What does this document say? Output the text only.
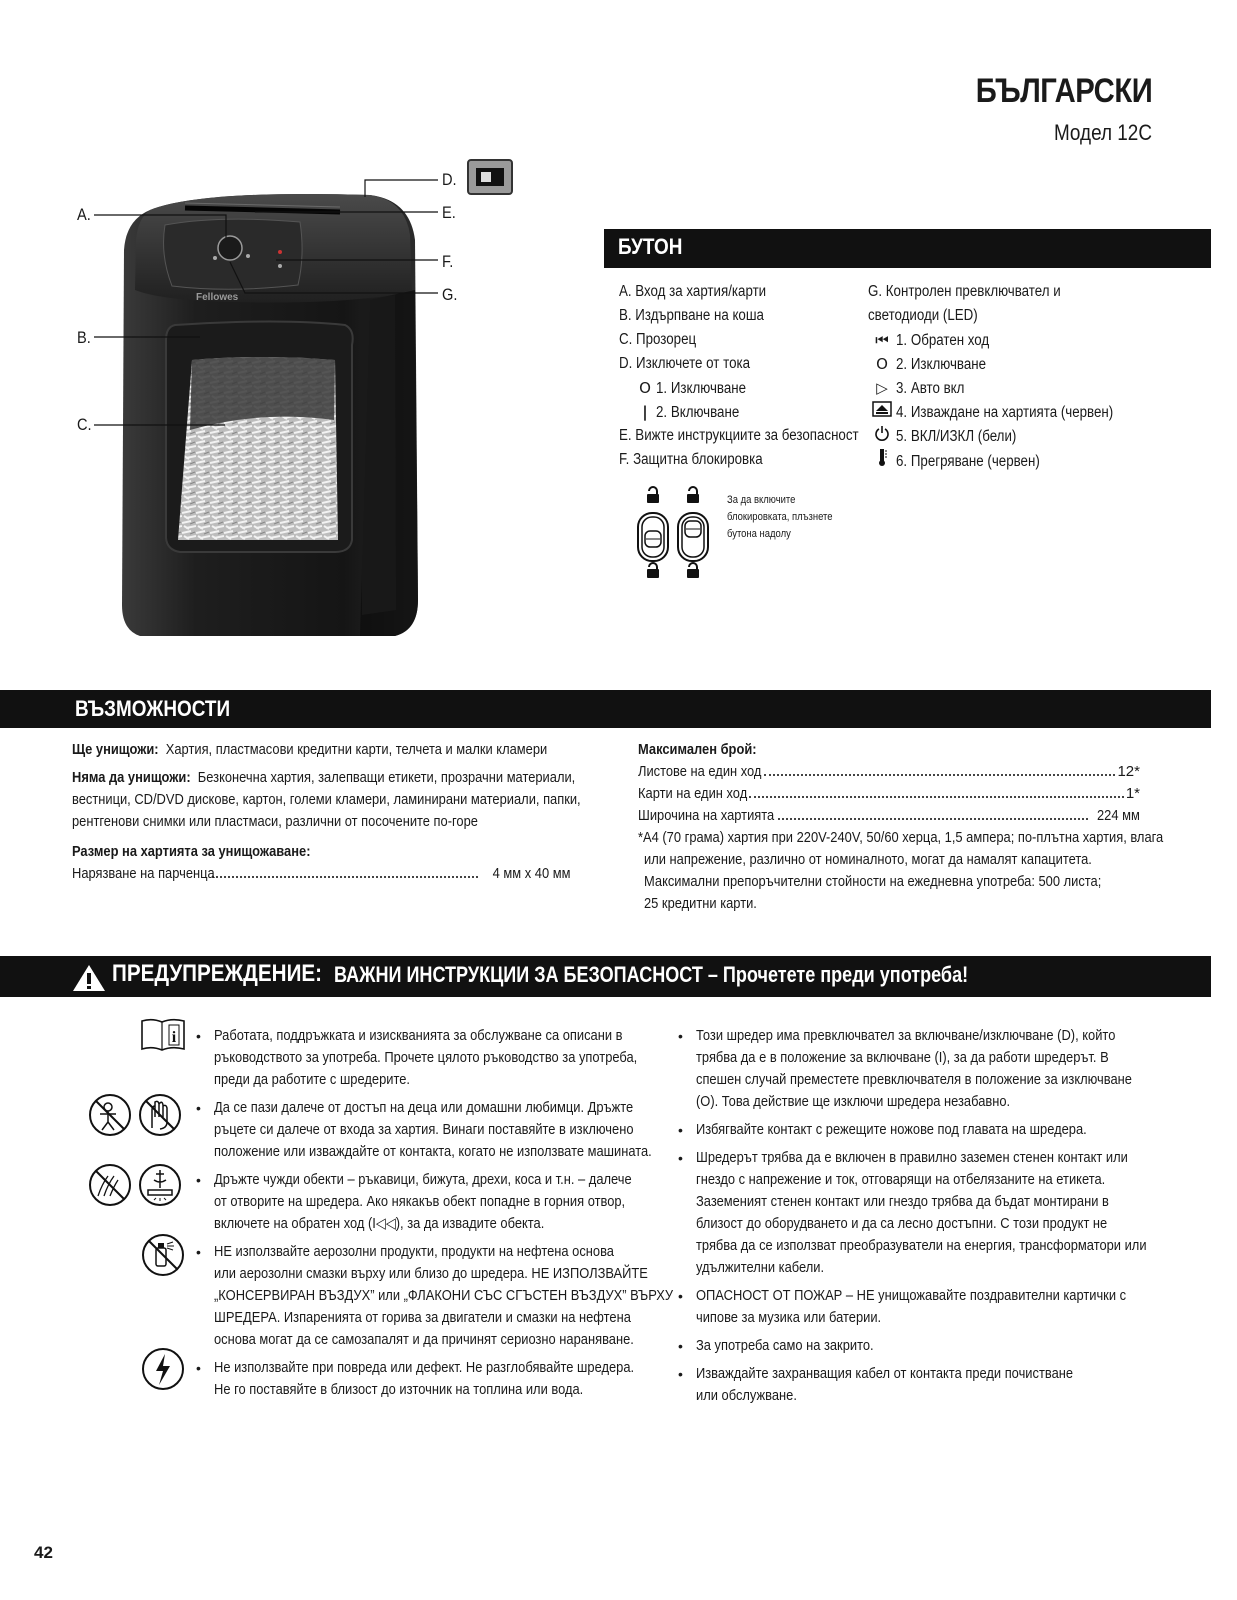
БЪЛГАРСКИ
Модел 12C
Fellowes
A.
B.
C.
D.
E.
F.
G.
БУТОН
A. Вход за хартия/карти
B. Издърпване на коша
C. Прозорец
D. Изключете от тока
O 1. Изключване
| 2. Включване
E. Вижте инструкциите за безопасност
F. Защитна блокировка
G. Контролен превключвател и
светодиоди (LED)
⏮ 1. Обратен ход
O 2. Изключване
▷ 3. Авто вкл
4. Изваждане на хартията (червен)
5. ВКЛ/ИЗКЛ (бели)
6. Прегряване (червен)
За да включите
блокировката, плъзнете
бутона надолу
ВЪЗМОЖНОСТИ

Ще унищожи: Хартия, пластмасови кредитни карти, телчета и малки кламери

Няма да унищожи: Безконечна хартия, залепващи етикети, прозрачни материали,

вестници, CD/DVD дискове, картон, големи кламери, ламинирани материали, папки,

рентгенови снимки или пластмаси, различни от посочените по-горе

Размер на хартията за унищожаване:

Нарязване на парченца	4 мм x 40 мм

Максимален брой:

Листове на един ход	12*
Карти на един ход	1*
Широчина на хартията	224 мм

*A4 (70 грама) хартия при 220V-240V, 50/60 херца, 1,5 ампера; по-плътна хартия, влага

или напрежение, различно от номиналното, могат да намалят капацитета.

Максимални препоръчителни стойности на ежедневна употреба: 500 листа;

25 кредитни карти.

ПРЕДУПРЕЖДЕНИЕ: ВАЖНИ ИНСТРУКЦИИ ЗА БЕЗОПАСНОСТ – Прочетете преди употреба!
i • Работата, поддръжката и изискванията за обслужване са описани в

ръководството за употреба. Прочете цялото ръководство за употреба,

преди да работите с шредерите.

• Да се пази далече от достъп на деца или домашни любимци. Дръжте

ръцете си далече от входа за хартия. Винаги поставяйте в изключено

положение или изваждайте от контакта, когато не използвате машината.

• Дръжте чужди обекти – ръкавици, бижута, дрехи, коса и т.н. – далече

от отворите на шредера. Ако някакъв обект попадне в горния отвор,

включете на обратен ход (I◁◁), за да извадите обекта.

• НЕ използвайте аерозолни продукти, продукти на нефтена основа

или аерозолни смазки върху или близо до шредера. НЕ ИЗПОЛЗВАЙТЕ

„КОНСЕРВИРАН ВЪЗДУХ” или „ФЛАКОНИ СЪС СГЪСТЕН ВЪЗДУХ” ВЪРХУ

ШРЕДЕРА. Изпаренията от горива за двигатели и смазки на нефтена

основа могат да се самозапалят и да причинят сериозно нараняване.

• Не използвайте при повреда или дефект. Не разглобявайте шредера.

Не го поставяйте в близост до източник на топлина или вода.

• Този шредер има превключвател за включване/изключване (D), който

трябва да е в положение за включване (I), за да работи шредерът. В

спешен случай преместете превключвателя в положение за изключване

(O). Това действие ще изключи шредера незабавно.

• Избягвайте контакт с режещите ножове под главата на шредера.

• Шредерът трябва да е включен в правилно заземен стенен контакт или

гнездо с напрежение и ток, отговарящи на отбелязаните на етикета.

Заземеният стенен контакт или гнездо трябва да бъдат монтирани в

близост до оборудването и да са лесно достъпни. С този продукт не

трябва да се използват преобразуватели на енергия, трансформатори или

удължителни кабели.

• ОПАСНОСТ ОТ ПОЖАР – НЕ унищожавайте поздравителни картички с

чипове за музика или батерии.

• За употреба само на закрито.

• Изваждайте захранващия кабел от контакта преди почистване

или обслужване.

42
